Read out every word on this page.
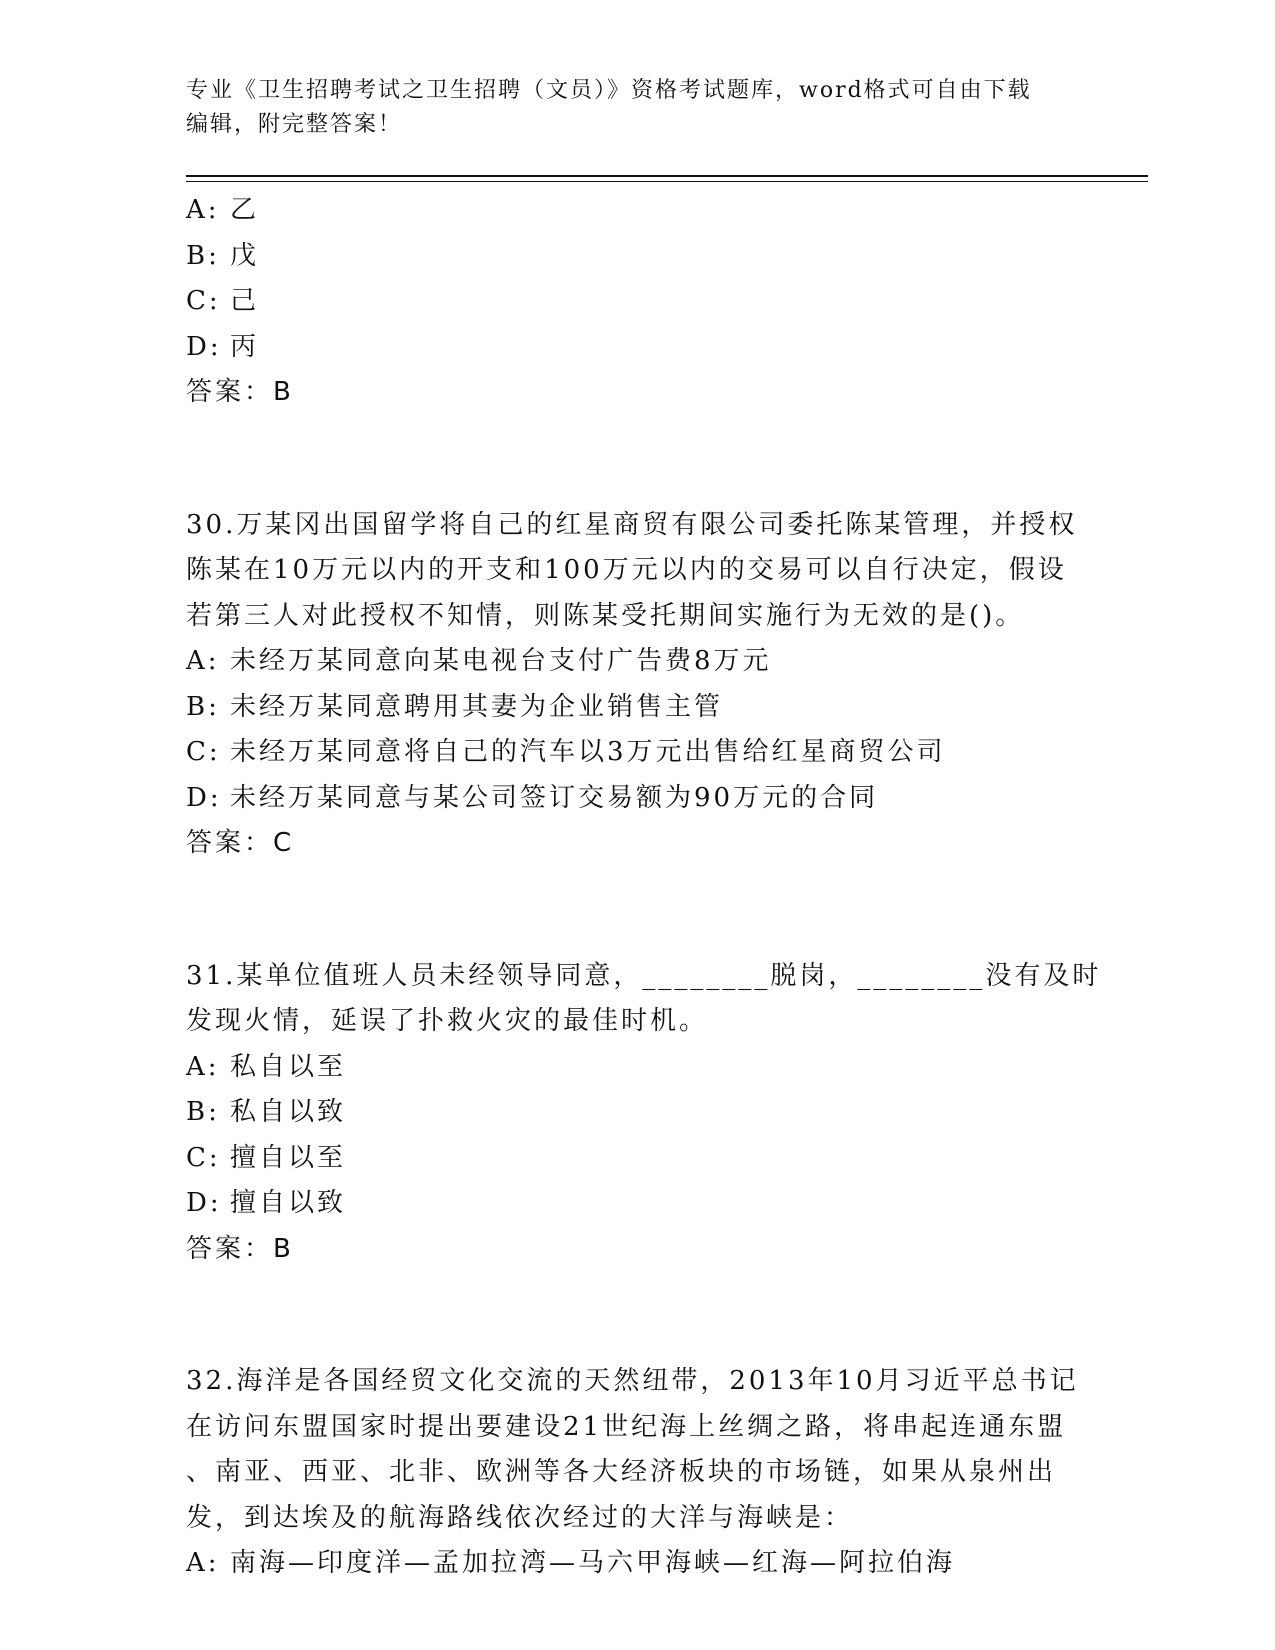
专业《卫生招聘考试之卫生招聘（文员）》资格考试题库，word格式可自由下载
编辑，附完整答案！
A: 乙
B: 戊
C: 己
D: 丙
答案：B
30.万某冈出国留学将自己的红星商贸有限公司委托陈某管理，并授权
陈某在10万元以内的开支和100万元以内的交易可以自行决定，假设
若第三人对此授权不知情，则陈某受托期间实施行为无效的是()。
A: 未经万某同意向某电视台支付广告费8万元
B: 未经万某同意聘用其妻为企业销售主管
C: 未经万某同意将自己的汽车以3万元出售给红星商贸公司
D: 未经万某同意与某公司签订交易额为90万元的合同
答案：C
31.某单位值班人员未经领导同意，________脱岗，________没有及时
发现火情，延误了扑救火灾的最佳时机。
A: 私自以至
B: 私自以致
C: 擅自以至
D: 擅自以致
答案：B
32.海洋是各国经贸文化交流的天然纽带，2013年10月习近平总书记
在访问东盟国家时提出要建设21世纪海上丝绸之路，将串起连通东盟
、南亚、西亚、北非、欧洲等各大经济板块的市场链，如果从泉州出
发，到达埃及的航海路线依次经过的大洋与海峡是：
A: 南海—印度洋—孟加拉湾—马六甲海峡—红海—阿拉伯海
